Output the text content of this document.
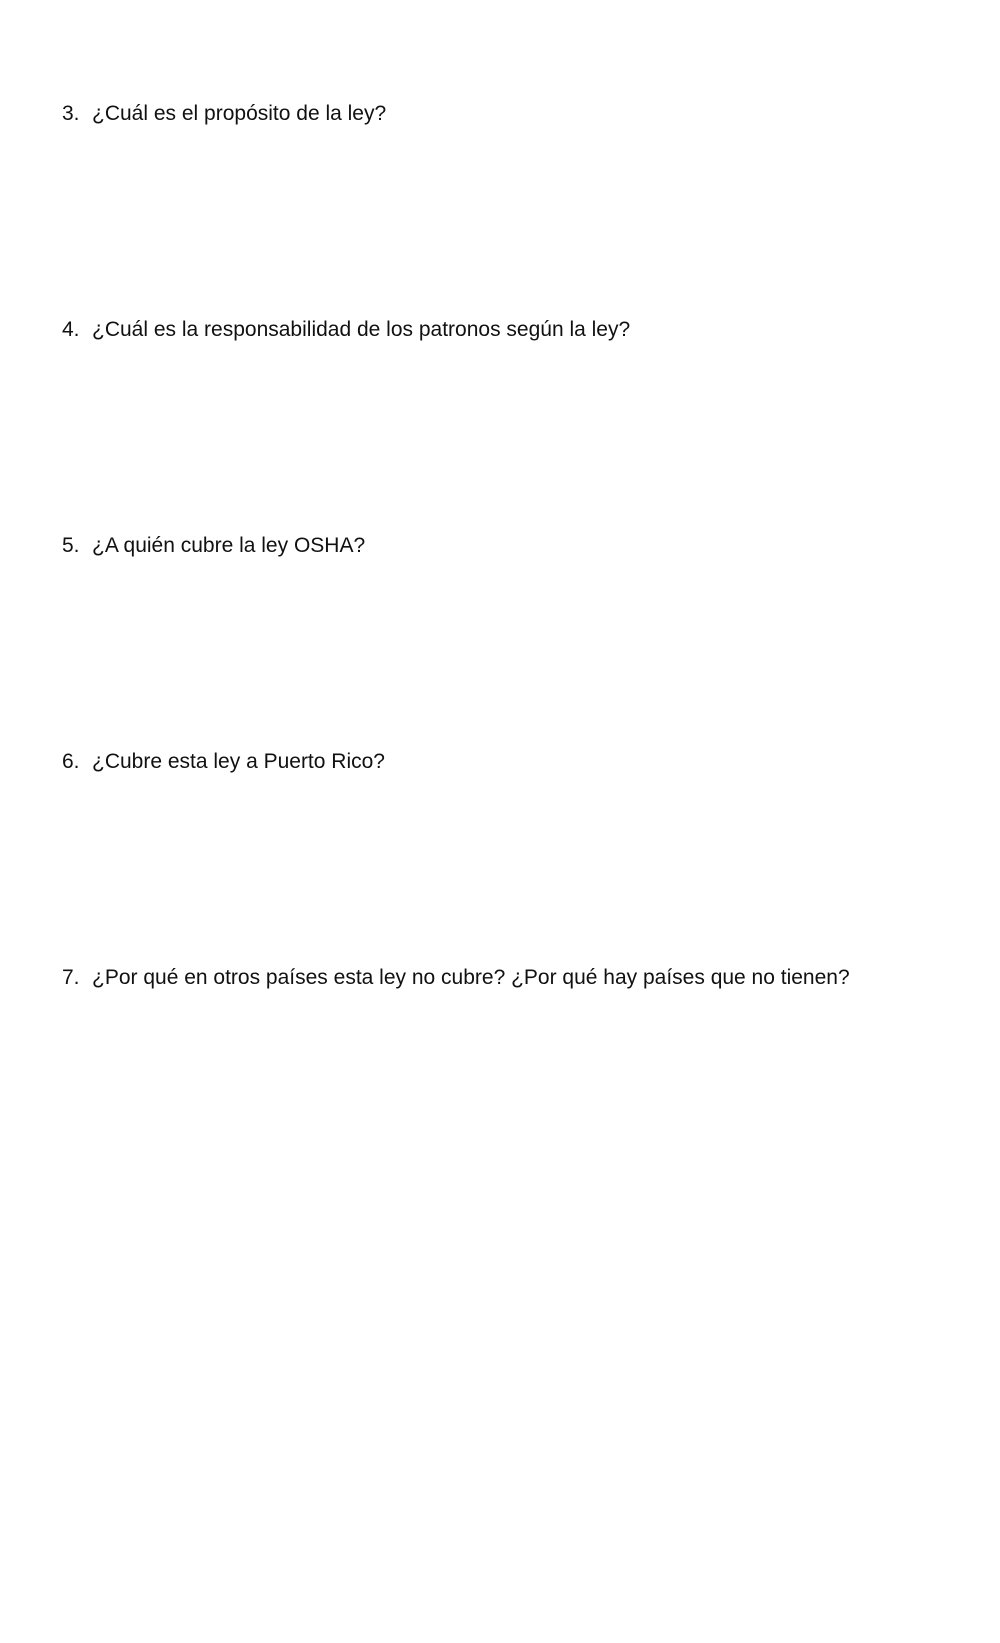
3. ¿Cuál es el propósito de la ley?
4. ¿Cuál es la responsabilidad de los patronos según la ley?
5. ¿A quién cubre la ley OSHA?
6. ¿Cubre esta ley a Puerto Rico?
7. ¿Por qué en otros países esta ley no cubre? ¿Por qué hay países que no tienen?
